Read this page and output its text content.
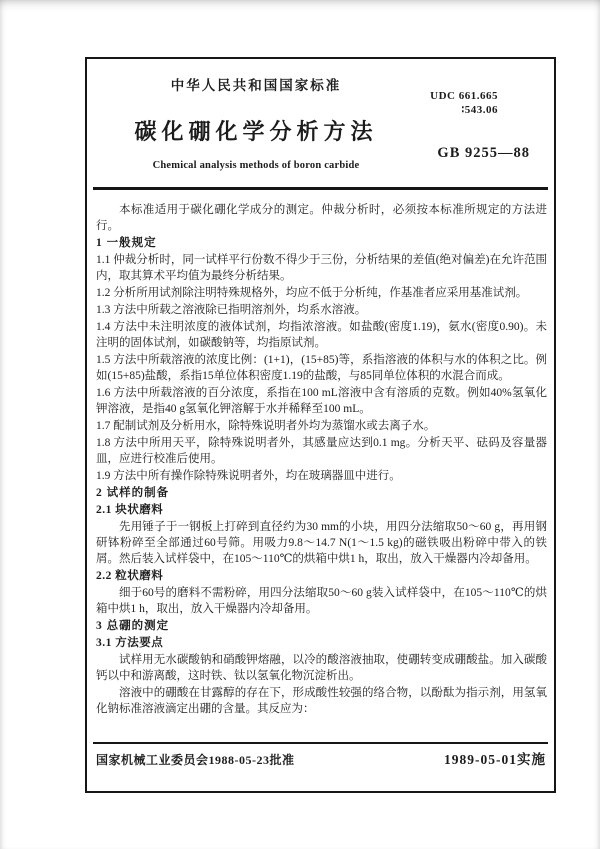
中华人民共和国国家标准
UDC 661.665
∶543.06
碳化硼化学分析方法
GB 9255—88
Chemical analysis methods of boron carbide

本标准适用于碳化硼化学成分的测定。仲裁分析时，必须按本标准所规定的方法进行。

1 一般规定

1.1 仲裁分析时，同一试样平行份数不得少于三份，分析结果的差值(绝对偏差)在允许范围内，取其算术平均值为最终分析结果。

1.2 分析所用试剂除注明特殊规格外，均应不低于分析纯，作基准者应采用基准试剂。

1.3 方法中所载之溶液除已指明溶剂外，均系水溶液。

1.4 方法中未注明浓度的液体试剂，均指浓溶液。如盐酸(密度1.19)，氨水(密度0.90)。未注明的固体试剂，如碳酸钠等，均指原试剂。

1.5 方法中所载溶液的浓度比例：(1+1)，(15+85)等，系指溶液的体积与水的体积之比。例如(15+85)盐酸，系指15单位体积密度1.19的盐酸，与85同单位体积的水混合而成。

1.6 方法中所载溶液的百分浓度，系指在100 mL溶液中含有溶质的克数。例如40%氢氧化钾溶液，是指40 g氢氧化钾溶解于水并稀释至100 mL。

1.7 配制试剂及分析用水，除特殊说明者外均为蒸馏水或去离子水。

1.8 方法中所用天平，除特殊说明者外，其感量应达到0.1 mg。分析天平、砝码及容量器皿，应进行校准后使用。

1.9 方法中所有操作除特殊说明者外，均在玻璃器皿中进行。

2 试样的制备

2.1 块状磨料

先用锤子于一钢板上打碎到直径约为30 mm的小块，用四分法缩取50～60 g，再用钢研钵粉碎至全部通过60号筛。用吸力9.8～14.7 N(1～1.5 kg)的磁铁吸出粉碎中带入的铁屑。然后装入试样袋中，在105～110℃的烘箱中烘1 h，取出，放入干燥器内冷却备用。

2.2 粒状磨料

细于60号的磨料不需粉碎，用四分法缩取50～60 g装入试样袋中，在105～110℃的烘箱中烘1 h，取出，放入干燥器内冷却备用。

3 总硼的测定

3.1 方法要点

试样用无水碳酸钠和硝酸钾熔融，以冷的酸溶液抽取，使硼转变成硼酸盐。加入碳酸钙以中和游离酸，这时铁、钛以氢氧化物沉淀析出。

溶液中的硼酸在甘露醇的存在下，形成酸性较强的络合物，以酚酞为指示剂，用氢氧化钠标准溶液滴定出硼的含量。其反应为：

国家机械工业委员会1988-05-23批准	1989-05-01实施
